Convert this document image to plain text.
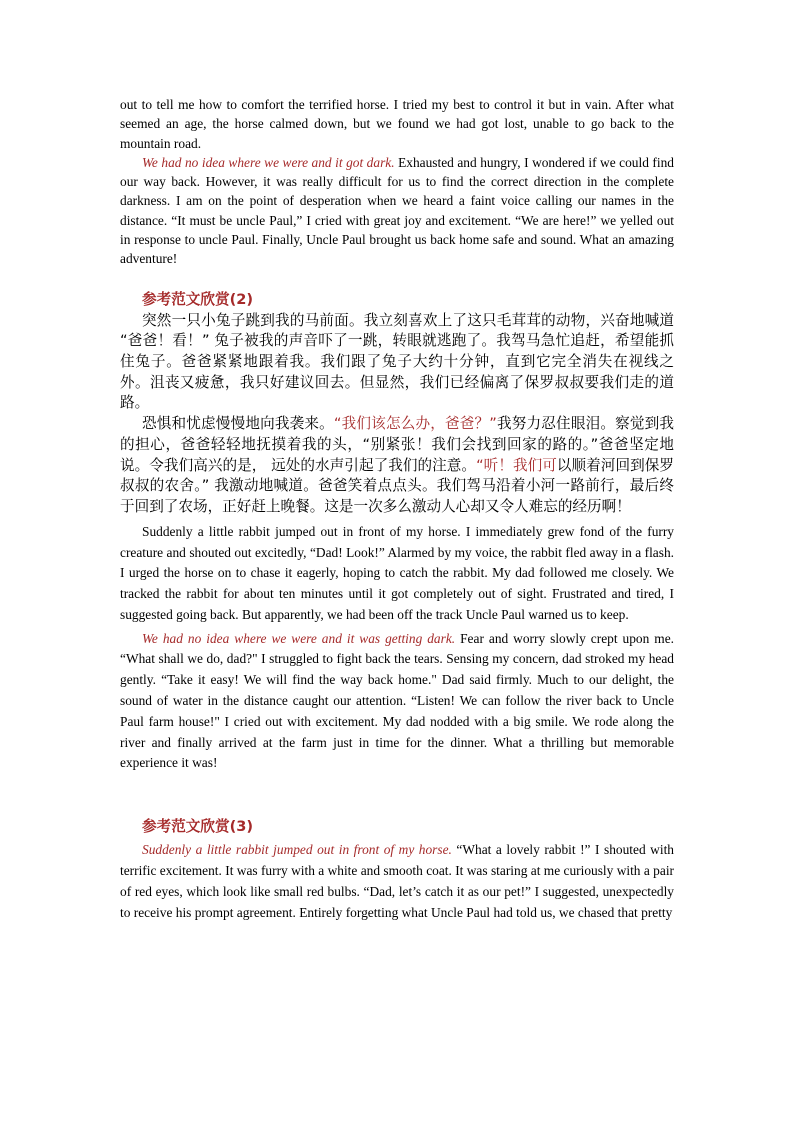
out to tell me how to comfort the terrified horse. I tried my best to control it but in vain. After what seemed an age, the horse calmed down, but we found we had got lost, unable to go back to the mountain road.

We had no idea where we were and it got dark. Exhausted and hungry, I wondered if we could find our way back. However, it was really difficult for us to find the correct direction in the complete darkness. I am on the point of desperation when we heard a faint voice calling our names in the distance. “It must be uncle Paul,” I cried with great joy and excitement. “We are here!” we yelled out in response to uncle Paul. Finally, Uncle Paul brought us back home safe and sound. What an amazing adventure!

参考范文欣赏(2)

突然一只小兔子跳到我的马前面。我立刻喜欢上了这只毛茸茸的动物，兴奋地喊道 “爸爸！看！” 兔子被我的声音吓了一跳，转眼就逃跑了。我驾马急忙追赶，希望能抓住兔子。爸爸紧紧地跟着我。我们跟了兔子大约十分钟，直到它完全消失在视线之外。沮丧又疲惫，我只好建议回去。但显然，我们已经偏离了保罗叔叔要我们走的道路。

恐惧和忧虑慢慢地向我袭来。“我们该怎么办，爸爸？”我努力忍住眼泪。察觉到我的担心，爸爸轻轻地抚摸着我的头，“别紧张！我们会找到回家的路的。”爸爸坚定地说。令我们高兴的是， 远处的水声引起了我们的注意。“听！我们可以顺着河回到保罗叔叔的农舍。” 我激动地喊道。爸爸笑着点点头。我们驾马沿着小河一路前行，最后终于回到了农场，正好赶上晚餐。这是一次多么激动人心却又令人难忘的经历啊！

Suddenly a little rabbit jumped out in front of my horse. I immediately grew fond of the furry creature and shouted out excitedly, “Dad! Look!” Alarmed by my voice, the rabbit fled away in a flash. I urged the horse on to chase it eagerly, hoping to catch the rabbit. My dad followed me closely. We tracked the rabbit for about ten minutes until it got completely out of sight. Frustrated and tired, I suggested going back. But apparently, we had been off the track Uncle Paul warned us to keep.

We had no idea where we were and it was getting dark. Fear and worry slowly crept upon me. “What shall we do, dad?" I struggled to fight back the tears. Sensing my concern, dad stroked my head gently. “Take it easy! We will find the way back home." Dad said firmly. Much to our delight, the sound of water in the distance caught our attention. “Listen! We can follow the river back to Uncle Paul farm house!" I cried out with excitement. My dad nodded with a big smile. We rode along the river and finally arrived at the farm just in time for the dinner. What a thrilling but memorable experience it was!

参考范文欣赏(3)

Suddenly a little rabbit jumped out in front of my horse. “What a lovely rabbit !” I shouted with terrific excitement. It was furry with a white and smooth coat. It was staring at me curiously with a pair of red eyes, which look like small red bulbs. “Dad, let’s catch it as our pet!” I suggested, unexpectedly to receive his prompt agreement. Entirely forgetting what Uncle Paul had told us, we chased that pretty
